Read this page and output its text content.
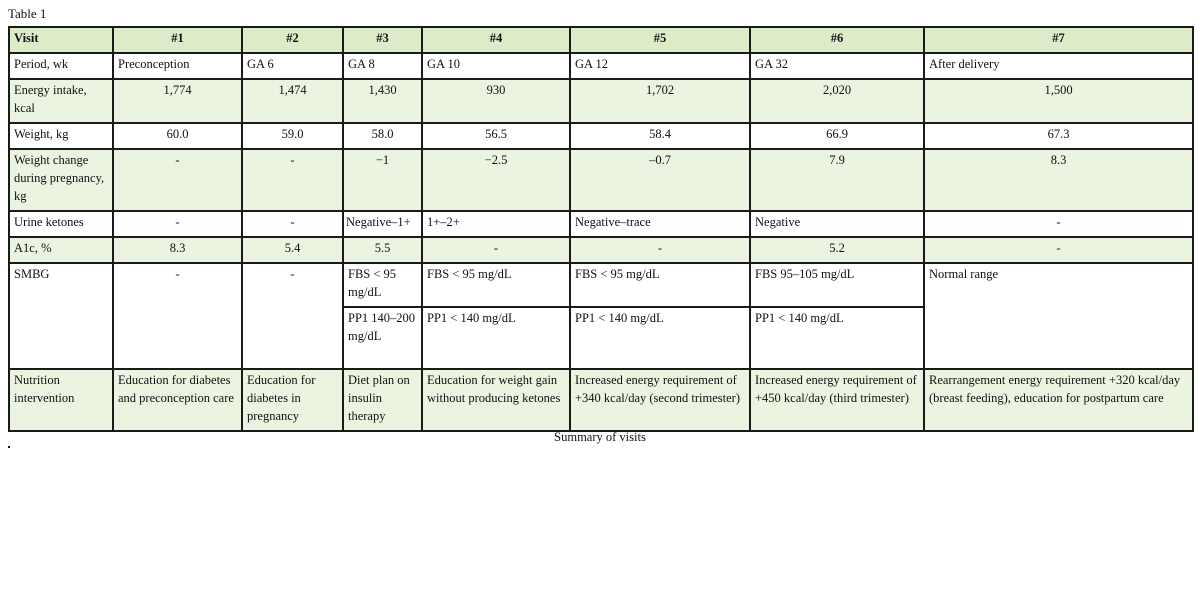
Table 1
Visit	#1	#2	#3	#4	#5	#6	#7
Period, wk	Preconception	GA 6	GA 8	GA 10	GA 12	GA 32	After delivery
Energy intake, kcal	1,774	1,474	1,430	930	1,702	2,020	1,500
Weight, kg	60.0	59.0	58.0	56.5	58.4	66.9	67.3
Weight change during pregnancy, kg	-	-	−1	−2.5	–0.7	7.9	8.3
Urine ketones	-	-	Negative–1+	1+–2+	Negative–trace	Negative	-
A1c, %	8.3	5.4	5.5	-	-	5.2	-
SMBG	-	-	FBS < 95 mg/dL	FBS < 95 mg/dL	FBS < 95 mg/dL	FBS 95–105 mg/dL	Normal range
			PP1 140–200 mg/dL	PP1 < 140 mg/dL	PP1 < 140 mg/dL	PP1 < 140 mg/dL	
Nutrition intervention	Education for diabetes and preconception care	Education for diabetes in pregnancy	Diet plan on insulin therapy	Education for weight gain without producing ketones	Increased energy requirement of +340 kcal/day (second trimester)	Increased energy requirement of +450 kcal/day (third trimester)	Rearrangement energy requirement +320 kcal/day (breast feeding), education for postpartum care
Summary of visits
